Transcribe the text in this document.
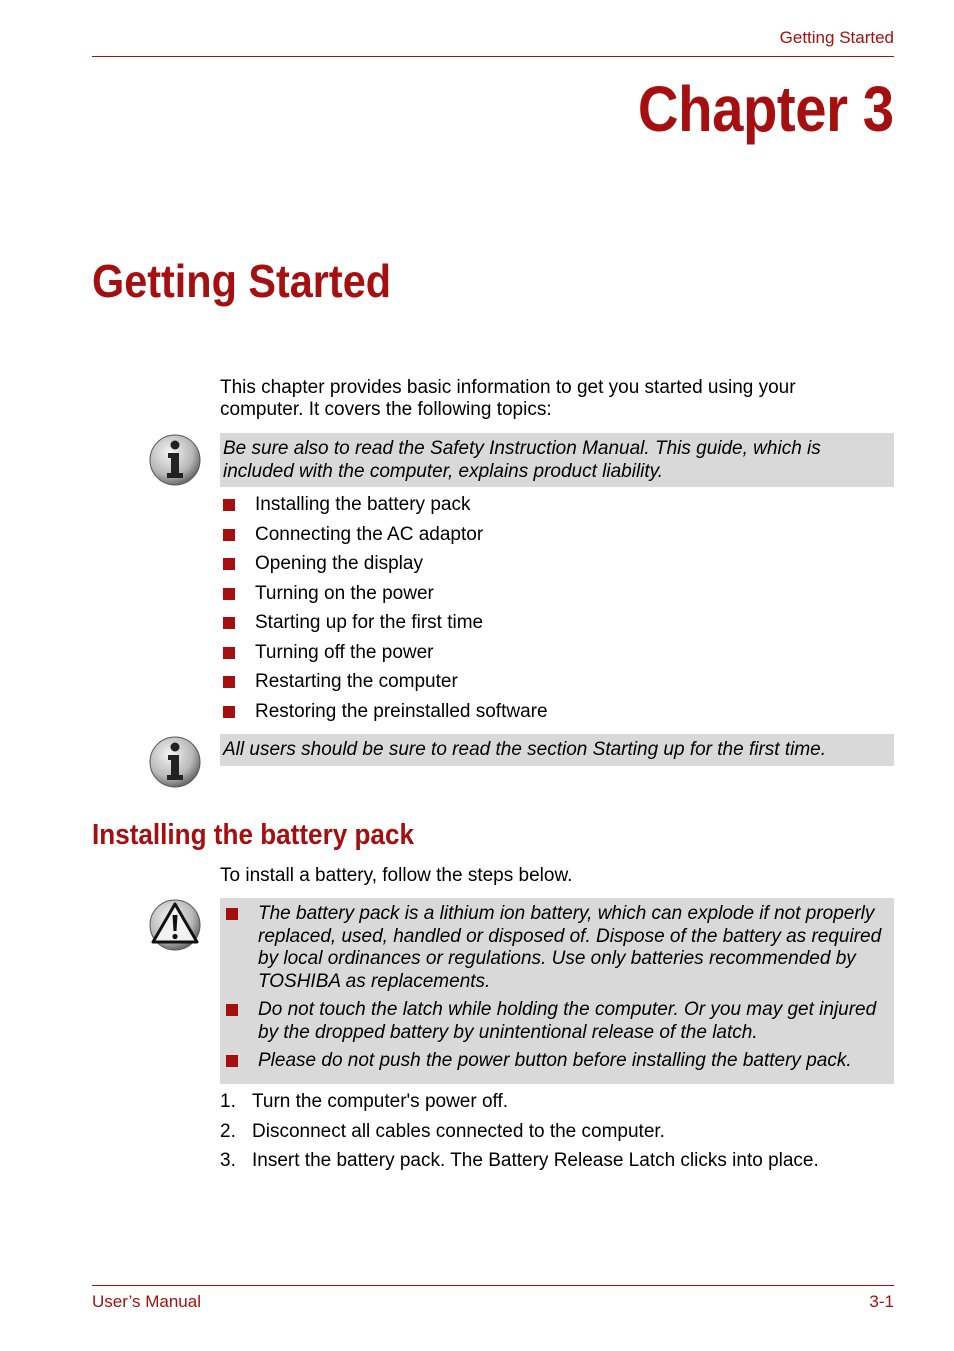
Getting Started
Chapter 3
Getting Started
This chapter provides basic information to get you started using your computer. It covers the following topics:
Be sure also to read the Safety Instruction Manual. This guide, which is included with the computer, explains product liability.
Installing the battery pack
Connecting the AC adaptor
Opening the display
Turning on the power
Starting up for the first time
Turning off the power
Restarting the computer
Restoring the preinstalled software
All users should be sure to read the section Starting up for the first time.
Installing the battery pack
To install a battery, follow the steps below.
The battery pack is a lithium ion battery, which can explode if not properly replaced, used, handled or disposed of. Dispose of the battery as required by local ordinances or regulations. Use only batteries recommended by TOSHIBA as replacements.
Do not touch the latch while holding the computer. Or you may get injured by the dropped battery by unintentional release of the latch.
Please do not push the power button before installing the battery pack.
1. Turn the computer's power off.
2. Disconnect all cables connected to the computer.
3. Insert the battery pack. The Battery Release Latch clicks into place.
User’s Manual	3-1
